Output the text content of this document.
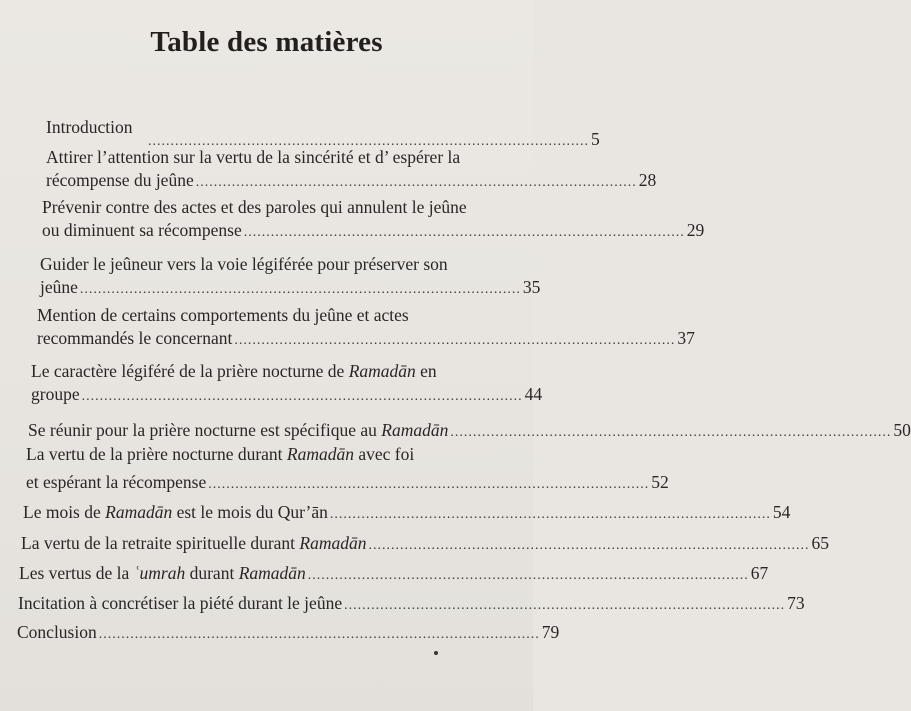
Table des matières
Introduction
.................................................................................................. 5
Attirer l’attention sur la vertu de la sincérité et d’ espérer la
récompense du jeûne .................................................................................................. 28
Prévenir contre des actes et des paroles qui annulent le jeûne
ou diminuent sa récompense .................................................................................................. 29
Guider le jeûneur vers la voie légiférée pour préserver son
jeûne .................................................................................................. 35
Mention de certains comportements du jeûne et actes
recommandés le concernant .................................................................................................. 37
Le caractère légiféré de la prière nocturne de Ramadān en
groupe .................................................................................................. 44
Se réunir pour la prière nocturne est spécifique au Ramadān .................................................................................................. 50
La vertu de la prière nocturne durant Ramadān avec foi
et espérant la récompense .................................................................................................. 52
Le mois de Ramadān est le mois du Qur’ān .................................................................................................. 54
La vertu de la retraite spirituelle durant Ramadān .................................................................................................. 65
Les vertus de la ʿumrah durant Ramadān .................................................................................................. 67
Incitation à concrétiser la piété durant le jeûne .................................................................................................. 73
Conclusion .................................................................................................. 79
